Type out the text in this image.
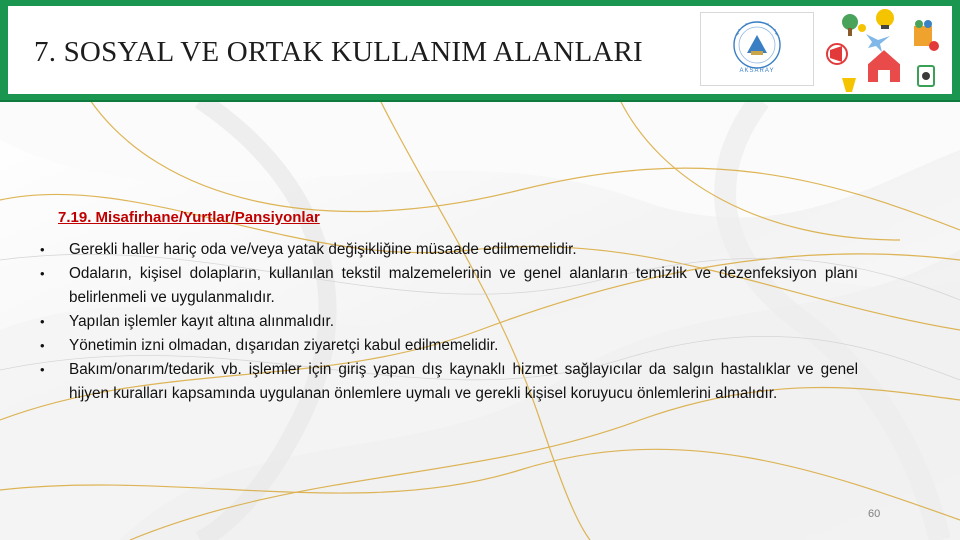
7. SOSYAL VE ORTAK KULLANIM ALANLARI
AKSARAY
7.19. Misafirhane/Yurtlar/Pansiyonlar
•	Gerekli haller hariç oda ve/veya yatak değişikliğine müsaade edilmemelidir.
•	Odaların, kişisel dolapların, kullanılan tekstil malzemelerinin ve genel alanların temizlik ve dezenfeksiyon planı belirlenmeli ve uygulanmalıdır.
•	Yapılan işlemler kayıt altına alınmalıdır.
•	Yönetimin izni olmadan, dışarıdan ziyaretçi kabul edilmemelidir.
•	Bakım/onarım/tedarik vb. işlemler için giriş yapan dış kaynaklı hizmet sağlayıcılar da salgın hastalıklar ve genel hijyen kuralları kapsamında uygulanan önlemlere uymalı ve gerekli kişisel koruyucu önlemlerini almalıdır.
60
